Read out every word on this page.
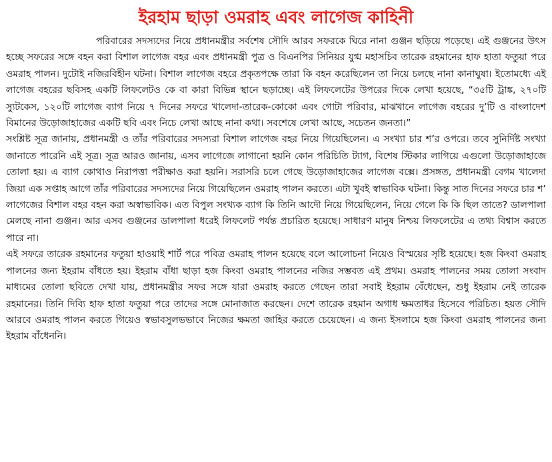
ইরহাম ছাড়া ওমরাহ এবং লাগেজ কাহিনী

পরিবারের সদস্যদের নিয়ে প্রধানমন্ত্রীর সর্বশেষ সৌদি আরব সফরকে ঘিরে নানা গুঞ্জন ছড়িয়ে পড়েছে। এই গুঞ্জনের উৎস হচ্ছে সফরের সঙ্গে বহন করা বিশাল লাগেজ বহর এবং প্রধানমন্ত্রী পুত্র ও বিএনপির সিনিয়র যুগ্ম মহাসচিব তারেক রহমানের হাফ হাতা ফতুয়া পরে ওমরাহ পালন। দুটোই নজিরবিহীন ঘটনা। বিশাল লাগেজ বহরে প্রকৃতপক্ষে তারা কি বহন করেছিলেন তা নিয়ে চলছে নানা কানাঘুষা। ইতোমধ্যে এই লাগেজ বহরের ছবিসহ একটি লিফলেটও কে বা কারা বিভিন্ন স্থানে ছড়াচ্ছে। এই লিফলেটের উপরের দিকে লেখা হয়েছে, “৩৫টি ট্রাঙ্ক, ২৭০টি স্যুটকেস, ১২০টি লাগেজ ব্যাগ নিয়ে ৭ দিনের সফরে খালেদা-তারেক-কোকো এবং গোটা পরিবার, মাঝখানে লাগেজ বহরের দু’টি ও বাংলাদেশ বিমানের উড়োজাহাজের একটি ছবি এবং নিচে লেখা আছে নানা কথা। সবশেষে লেখা আছে, সচেতন জনতা।”

সংশ্লিষ্ট সূত্র জানায়, প্রধানমন্ত্রী ও তাঁর পরিবারের সদস্যরা বিশাল লাগেজ বহর নিয়ে গিয়েছিলেন। এ সংখ্যা চার শ’র ওপরে। তবে সুনির্দিষ্ট সংখ্যা জানাতে পারেনি এই সূত্র। সূত্র আরও জানায়, এসব লাগেজে লাগানো হয়নি কোন পরিচিতি ট্যাগ, বিশেষ স্টিকার লাগিয়ে এগুলো উড়োজাহাজে তোলা হয়। এ ব্যাগ কোথাও নিরাপত্তা পরীক্ষাও করা হয়নি। সরাসরি চলে গেছে উড়োজাহাজের লাগেজ বক্সে। প্রসঙ্গত, প্রধানমন্ত্রী বেগম খালেদা জিয়া এক সপ্তাহ আগে তাঁর পরিবারের সদস্যদের নিয়ে গিয়েছিলেন ওমরাহ পালন করতে। এটা খুবই স্বাভাবিক ঘটনা। কিন্তু সাত দিনের সফরে চার শ’ লাগেজের বিশাল বহর বহন করা অস্বাভাবিক। এত বিপুল সংখ্যক ব্যাগ কি তিনি আদৌ নিয়ে গিয়েছিলেন, নিয়ে গেলে কি কি ছিল তাতে? ডালপালা মেলছে নানা গুঞ্জন। আর এসব গুঞ্জনের ডালপালা ধরেই লিফলেট পর্যন্ত প্রচারিত হয়েছে। সাধারণ মানুষ নিশ্চয় লিফলেটের এ তথ্য বিশ্বাস করতে পারে না।

এই সফরে তারেক রহমানের ফতুয়া হাওয়াই শার্ট পরে পবিত্র ওমরাহ পালন হয়েছে বলে আলোচনা নিয়েও বিস্ময়ের সৃষ্টি হয়েছে। হজ কিংবা ওমরাহ পালনের জন্য ইহরাম বাঁধতে হয়। ইহরাম বাঁধা ছাড়া হজ কিংবা ওমরাহ পালনের নজির সম্ভবত এই প্রথম। ওমরাহ পালনের সময় তোলা সংবাদ মাধ্যমের তোলা ছবিতে দেখা যায়, প্রধানমন্ত্রীর সফর সঙ্গে যারা ওমরাহ করতে গেছেন তারা সবাই ইহরাম বেঁধেছেন, শুধু ইহরাম নেই তারেক রহমানের। তিনি দিব্যি হাফ হাতা ফতুয়া পরে তাদের সঙ্গে মোনাজাত করছেন। দেশে তারেক রহমান অগাধ ক্ষমতাধর হিসেবে পরিচিত। হয়ত সৌদি আরবে ওমরাহ পালন করতে গিয়েও স্বভাবসুলভভাবে নিজের ক্ষমতা জাহির করতে চেয়েছেন। এ জন্য ইসলামে হজ কিংবা ওমরাহ পালনের জন্য ইহরাম বাঁধেননি।
